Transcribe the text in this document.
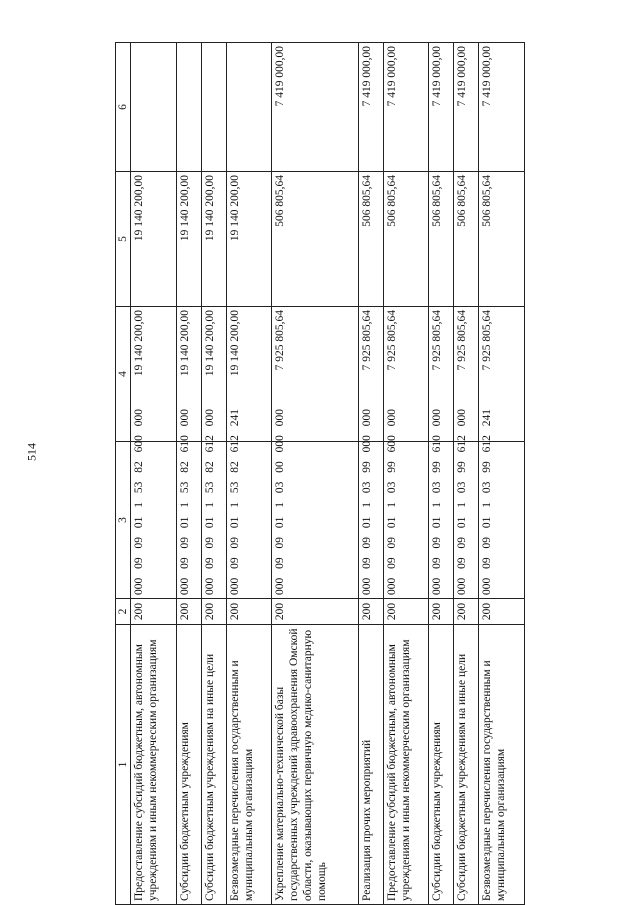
514
1	2	3	4	5	6
Предоставление субсидий бюджетным, автономным учреждениям и иным некоммерческим организациям	200	000 09 09 01 1 53 82 600 000	19 140 200,00	19 140 200,00	
Субсидии бюджетным учреждениям	200	000 09 09 01 1 53 82 610 000	19 140 200,00	19 140 200,00	
Субсидии бюджетным учреждениям на иные цели	200	000 09 09 01 1 53 82 612 000	19 140 200,00	19 140 200,00	
Безвозмездные перечисления государственным и муниципальным организациям	200	000 09 09 01 1 53 82 612 241	19 140 200,00	19 140 200,00	
Укрепление материально-технической базы государственных учреждений здравоохранения Омской области, оказывающих первичную медико-санитарную помощь	200	000 09 09 01 1 03 00 000 000	7 925 805,64	506 805,64	7 419 000,00
Реализация прочих мероприятий	200	000 09 09 01 1 03 99 000 000	7 925 805,64	506 805,64	7 419 000,00
Предоставление субсидий бюджетным, автономным учреждениям и иным некоммерческим организациям	200	000 09 09 01 1 03 99 600 000	7 925 805,64	506 805,64	7 419 000,00
Субсидии бюджетным учреждениям	200	000 09 09 01 1 03 99 610 000	7 925 805,64	506 805,64	7 419 000,00
Субсидии бюджетным учреждениям на иные цели	200	000 09 09 01 1 03 99 612 000	7 925 805,64	506 805,64	7 419 000,00
Безвозмездные перечисления государственным и муниципальным организациям	200	000 09 09 01 1 03 99 612 241	7 925 805,64	506 805,64	7 419 000,00
